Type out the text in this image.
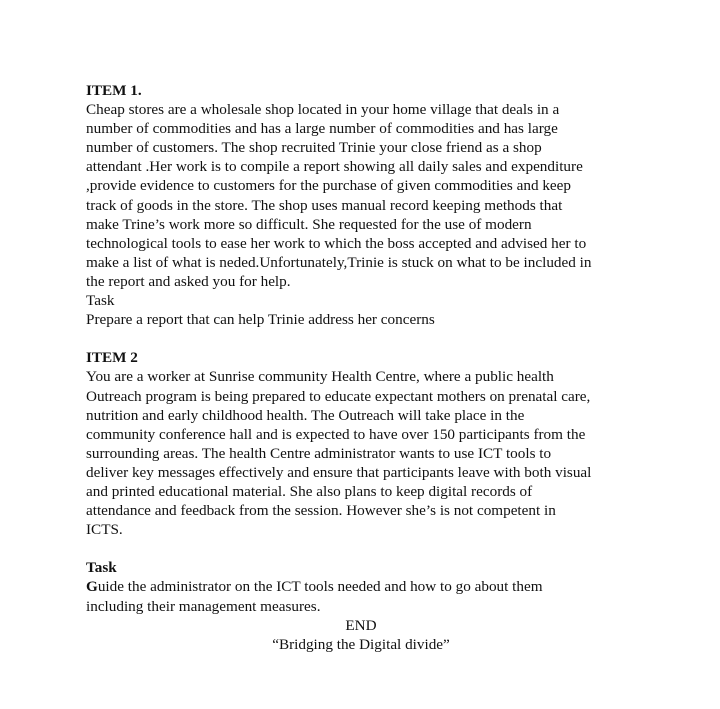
ITEM 1.
Cheap stores are a wholesale shop located in your home village that deals in a
number of commodities and has a large number of commodities and has large
number of customers. The shop recruited Trinie your close friend as a shop
attendant .Her work is to compile a report showing all daily sales and expenditure
,provide evidence to customers for the purchase of given commodities and keep
track of goods in the store. The shop uses manual record keeping methods that
make Trine’s work more so difficult. She requested for the use of modern
technological tools to ease her work to which the boss accepted and advised her to
make a list of what is neded.Unfortunately,Trinie is stuck on what to be included in
the report and asked you for help.
Task
Prepare a report that can help Trinie address her concerns
ITEM 2
You are a worker at Sunrise community Health Centre, where a public health
Outreach program is being prepared to educate expectant mothers on prenatal care,
nutrition and early childhood health. The Outreach will take place in the
community conference hall and is expected to have over 150 participants from the
surrounding areas. The health Centre administrator wants to use ICT tools to
deliver key messages effectively and ensure that participants leave with both visual
and printed educational material. She also plans to keep digital records of
attendance and feedback from the session. However she’s is not competent in
ICTS.
Task
Guide the administrator on the ICT tools needed and how to go about them
including their management measures.
END
“Bridging the Digital divide”
